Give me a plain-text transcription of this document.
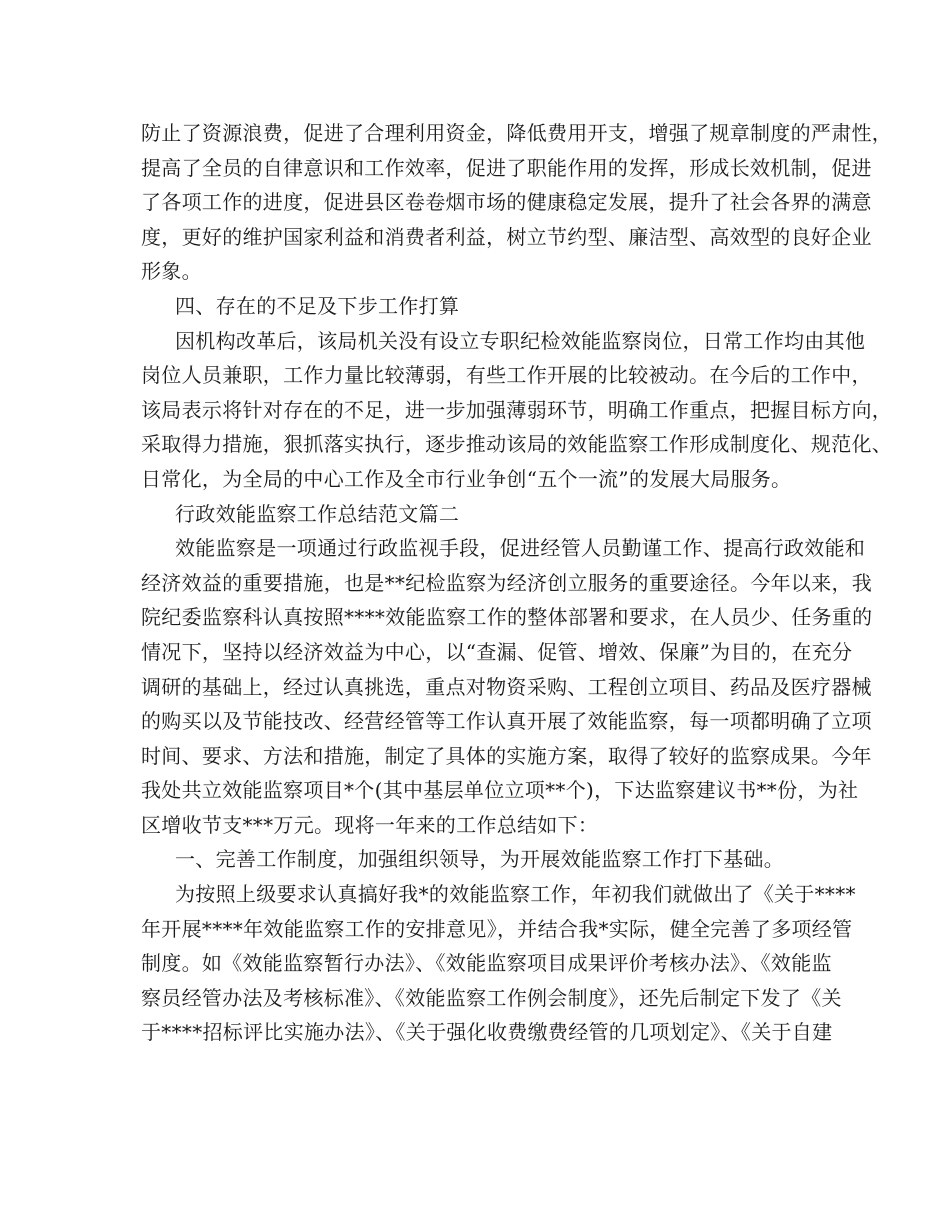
防止了资源浪费，促进了合理利用资金，降低费用开支，增强了规章制度的严肃性，
提高了全员的自律意识和工作效率，促进了职能作用的发挥，形成长效机制，促进
了各项工作的进度，促进县区卷卷烟市场的健康稳定发展，提升了社会各界的满意
度，更好的维护国家利益和消费者利益，树立节约型、廉洁型、高效型的良好企业
形象。
四、存在的不足及下步工作打算
因机构改革后，该局机关没有设立专职纪检效能监察岗位，日常工作均由其他
岗位人员兼职，工作力量比较薄弱，有些工作开展的比较被动。在今后的工作中，
该局表示将针对存在的不足，进一步加强薄弱环节，明确工作重点，把握目标方向，
采取得力措施，狠抓落实执行，逐步推动该局的效能监察工作形成制度化、规范化、
日常化，为全局的中心工作及全市行业争创“五个一流”的发展大局服务。
行政效能监察工作总结范文篇二
效能监察是一项通过行政监视手段，促进经管人员勤谨工作、提高行政效能和
经济效益的重要措施，也是**纪检监察为经济创立服务的重要途径。今年以来，我
院纪委监察科认真按照****效能监察工作的整体部署和要求，在人员少、任务重的
情况下，坚持以经济效益为中心，以“查漏、促管、增效、保廉”为目的，在充分
调研的基础上，经过认真挑选，重点对物资采购、工程创立项目、药品及医疗器械
的购买以及节能技改、经营经管等工作认真开展了效能监察，每一项都明确了立项
时间、要求、方法和措施，制定了具体的实施方案，取得了较好的监察成果。今年
我处共立效能监察项目*个(其中基层单位立项**个)，下达监察建议书**份，为社
区增收节支***万元。现将一年来的工作总结如下：
一、完善工作制度，加强组织领导，为开展效能监察工作打下基础。
为按照上级要求认真搞好我*的效能监察工作，年初我们就做出了《关于****
年开展****年效能监察工作的安排意见》，并结合我*实际，健全完善了多项经管
制度。如《效能监察暂行办法》、《效能监察项目成果评价考核办法》、《效能监
察员经管办法及考核标准》、《效能监察工作例会制度》，还先后制定下发了《关
于****招标评比实施办法》、《关于强化收费缴费经管的几项划定》、《关于自建
